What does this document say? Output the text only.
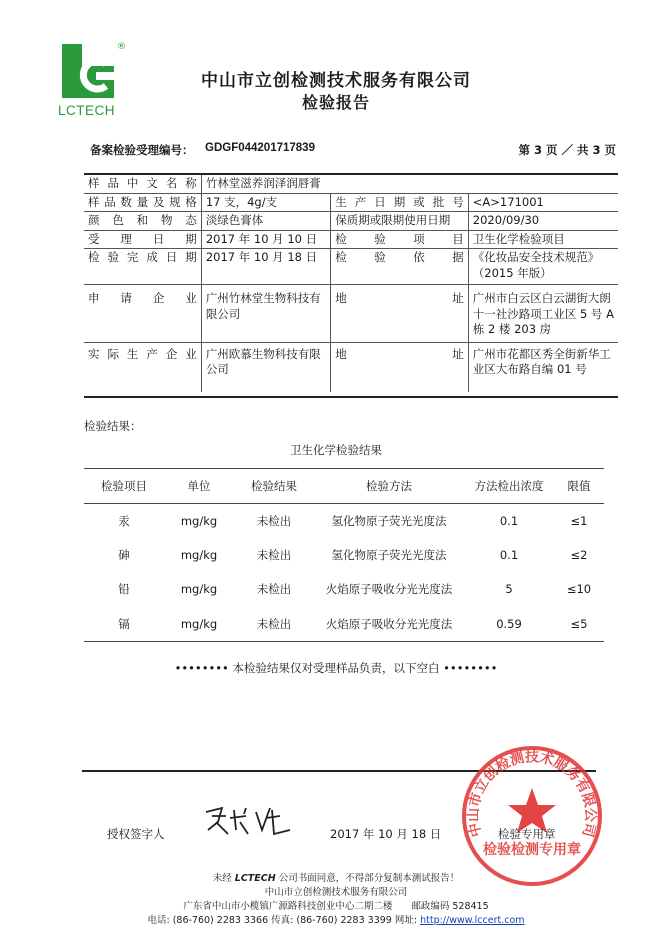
®
LCTECH
中山市立创检测技术服务有限公司
检验报告
备案检验受理编号： GDGF044201717839	第 3 页 ／ 共 3 页
样品中文名称	竹林堂滋养润泽润唇膏		
样品数量及规格	17 支，4g/支	生产日期或批号	<A>171001
颜色和物态	淡绿色膏体	保质期或限期使用日期	2020/09/30
受理日期	2017 年 10 月 10 日	检验项目	卫生化学检验项目
检验完成日期	2017 年 10 月 18 日	检验依据	《化妆品安全技术规范》（2015 年版）
申请企业	广州竹林堂生物科技有限公司	地址	广州市白云区白云湖街大朗十一社沙路项工业区 5 号 A 栋 2 楼 203 房
实际生产企业	广州欧慕生物科技有限公司	地址	广州市花都区秀全街新华工业区大布路自编 01 号
检验结果：
卫生化学检验结果
检验项目	单位	检验结果	检验方法	方法检出浓度	限值
汞	mg/kg	未检出	氢化物原子荧光光度法	0.1	≤1
砷	mg/kg	未检出	氢化物原子荧光光度法	0.1	≤2
铅	mg/kg	未检出	火焰原子吸收分光光度法	5	≤10
镉	mg/kg	未检出	火焰原子吸收分光光度法	0.59	≤5
•••••••• 本检验结果仅对受理样品负责，以下空白 ••••••••
中山市立创检测技术服务有限公司
检验检测专用章
授权签字人	2017 年 10 月 18 日	检验专用章
未经 LCTECH 公司书面同意，不得部分复制本测试报告！
中山市立创检测技术服务有限公司
广东省中山市小榄镇广源路科技创业中心二期二楼　　邮政编码 528415
电话: (86-760) 2283 3366 传真: (86-760) 2283 3399 网址: http://www.lccert.com
